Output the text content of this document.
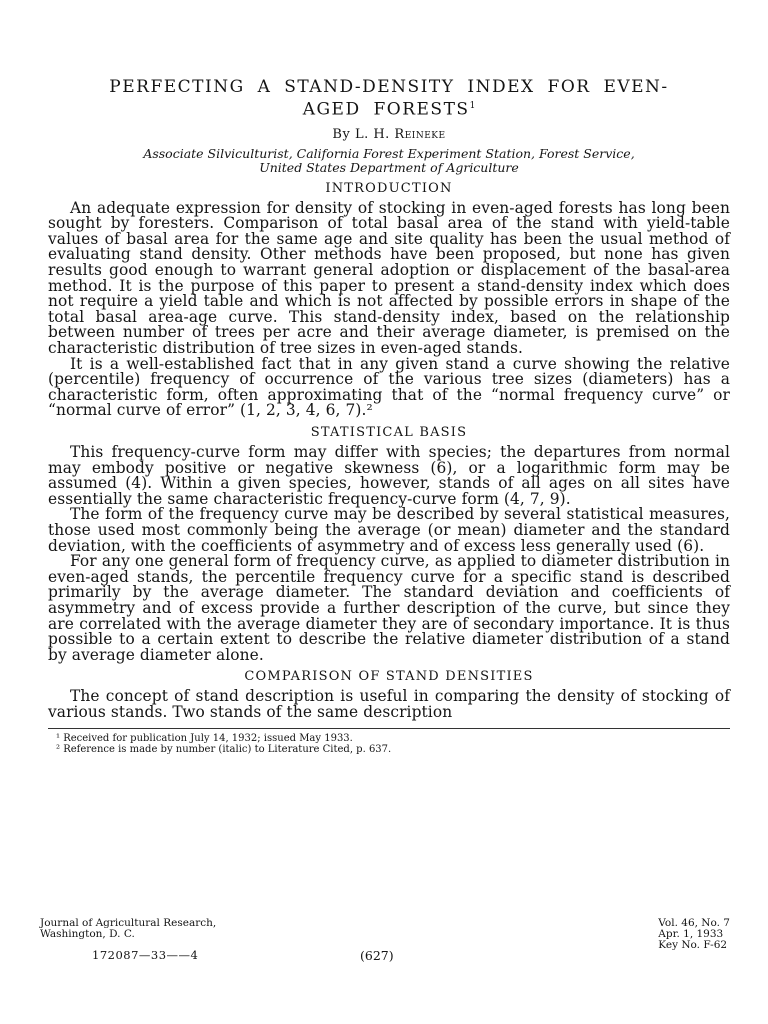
PERFECTING A STAND-DENSITY INDEX FOR EVEN-
AGED FORESTS$^1$
By L. H. Reineke
Associate Silviculturist, California Forest Experiment Station, Forest Service,
United States Department of Agriculture
INTRODUCTION

An adequate expression for density of stocking in even-aged forests has long been sought by foresters. Comparison of total basal area of the stand with yield-table values of basal area for the same age and site quality has been the usual method of evaluating stand density. Other methods have been proposed, but none has given results good enough to warrant general adoption or displacement of the basal-area method. It is the purpose of this paper to present a stand-density index which does not require a yield table and which is not affected by possible errors in shape of the total basal area-age curve. This stand-density index, based on the relationship between number of trees per acre and their average diameter, is premised on the characteristic distribution of tree sizes in even-aged stands.

It is a well-established fact that in any given stand a curve showing the relative (percentile) frequency of occurrence of the various tree sizes (diameters) has a characteristic form, often approximating that of the “normal frequency curve” or “normal curve of error” (1, 2, 3, 4, 6, 7).²

STATISTICAL BASIS

This frequency-curve form may differ with species; the departures from normal may embody positive or negative skewness (6), or a logarithmic form may be assumed (4). Within a given species, however, stands of all ages on all sites have essentially the same characteristic frequency-curve form (4, 7, 9).

The form of the frequency curve may be described by several statistical measures, those used most commonly being the average (or mean) diameter and the standard deviation, with the coefficients of asymmetry and of excess less generally used (6).

For any one general form of frequency curve, as applied to diameter distribution in even-aged stands, the percentile frequency curve for a specific stand is described primarily by the average diameter. The standard deviation and coefficients of asymmetry and of excess provide a further description of the curve, but since they are correlated with the average diameter they are of secondary importance. It is thus possible to a certain extent to describe the relative diameter distribution of a stand by average diameter alone.

COMPARISON OF STAND DENSITIES

The concept of stand description is useful in comparing the density of stocking of various stands. Two stands of the same description

¹ Received for publication July 14, 1932; issued May 1933.

² Reference is made by number (italic) to Literature Cited, p. 637.

Journal of Agricultural Research,
Washington, D. C.
Vol. 46, No. 7
Apr. 1, 1933
Key No. F-62
172087—33——4	(627)
